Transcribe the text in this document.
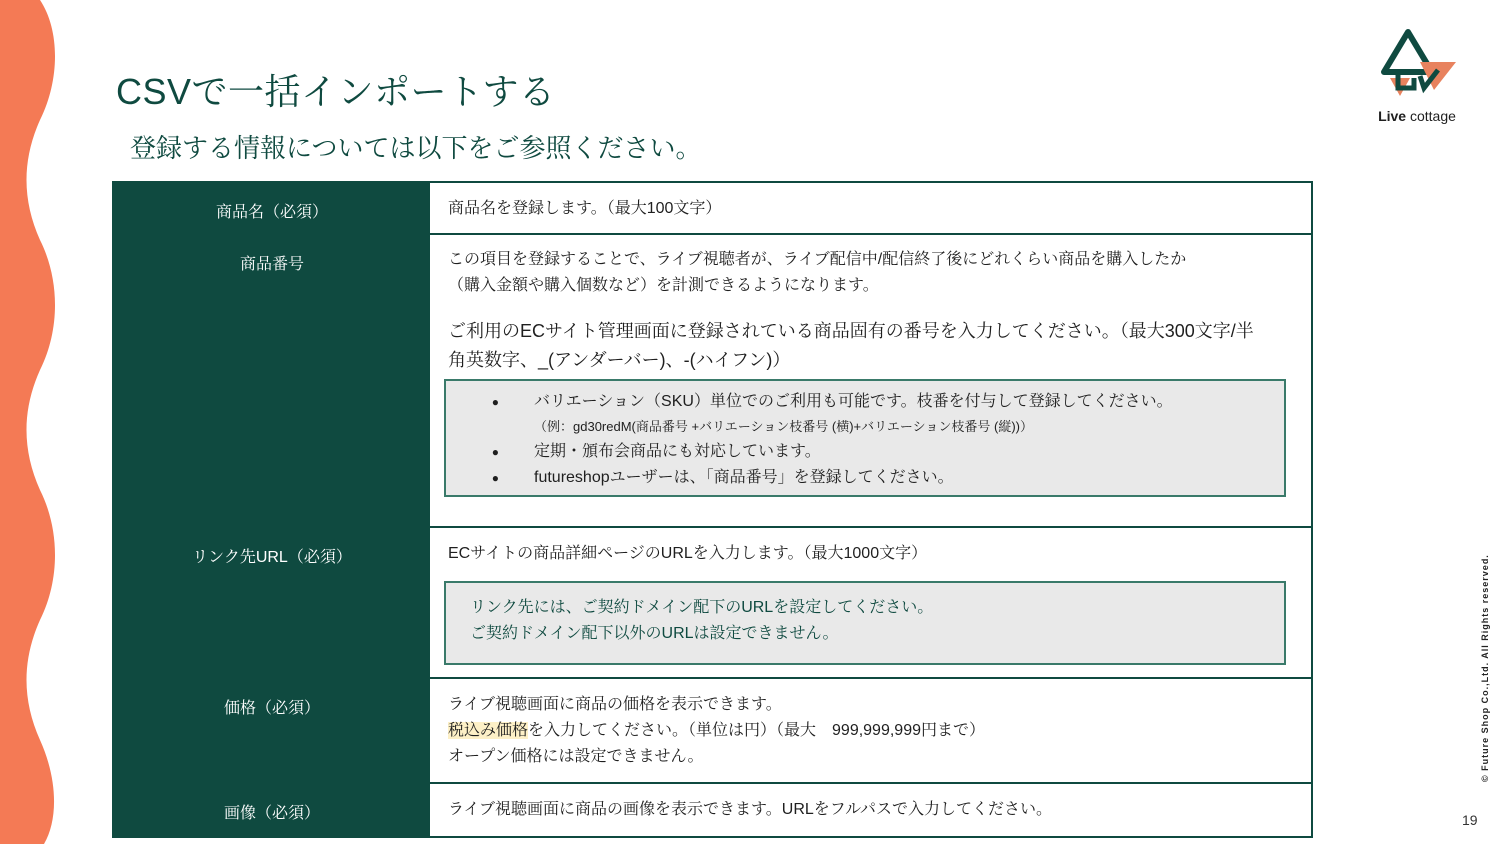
CSVで一括インポートする
登録する情報については以下をご参照ください。
Live cottage
商品名（必須）	商品名を登録します。（最大100文字）

商品番号	この項目を登録することで、ライブ視聴者が、ライブ配信中/配信終了後にどれくらい商品を購入したか

（購入金額や購入個数など）を計測できるようになります。

ご利用のECサイト管理画面に登録されている商品固有の番号を入力してください。（最大300文字/半

角英数字、_(アンダーバー)、-(ハイフン)）

●	バリエーション（SKU）単位でのご利用も可能です。枝番を付与して登録してください。
（例：gd30redM(商品番号 +バリエーション枝番号 (横)+バリエーション枝番号 (縦))）
●	定期・頒布会商品にも対応しています。
●	futureshopユーザーは、「商品番号」を登録してください。
リンク先URL（必須）	ECサイトの商品詳細ページのURLを入力します。（最大1000文字）

リンク先には、ご契約ドメイン配下のURLを設定してください。

ご契約ドメイン配下以外のURLは設定できません。

価格（必須）	ライブ視聴画面に商品の価格を表示できます。

税込み価格を入力してください。（単位は円）（最大　999,999,999円まで）

オープン価格には設定できません。

画像（必須）	ライブ視聴画面に商品の画像を表示できます。URLをフルパスで入力してください。

© Future Shop Co.,Ltd. All Rights reserved.
19
